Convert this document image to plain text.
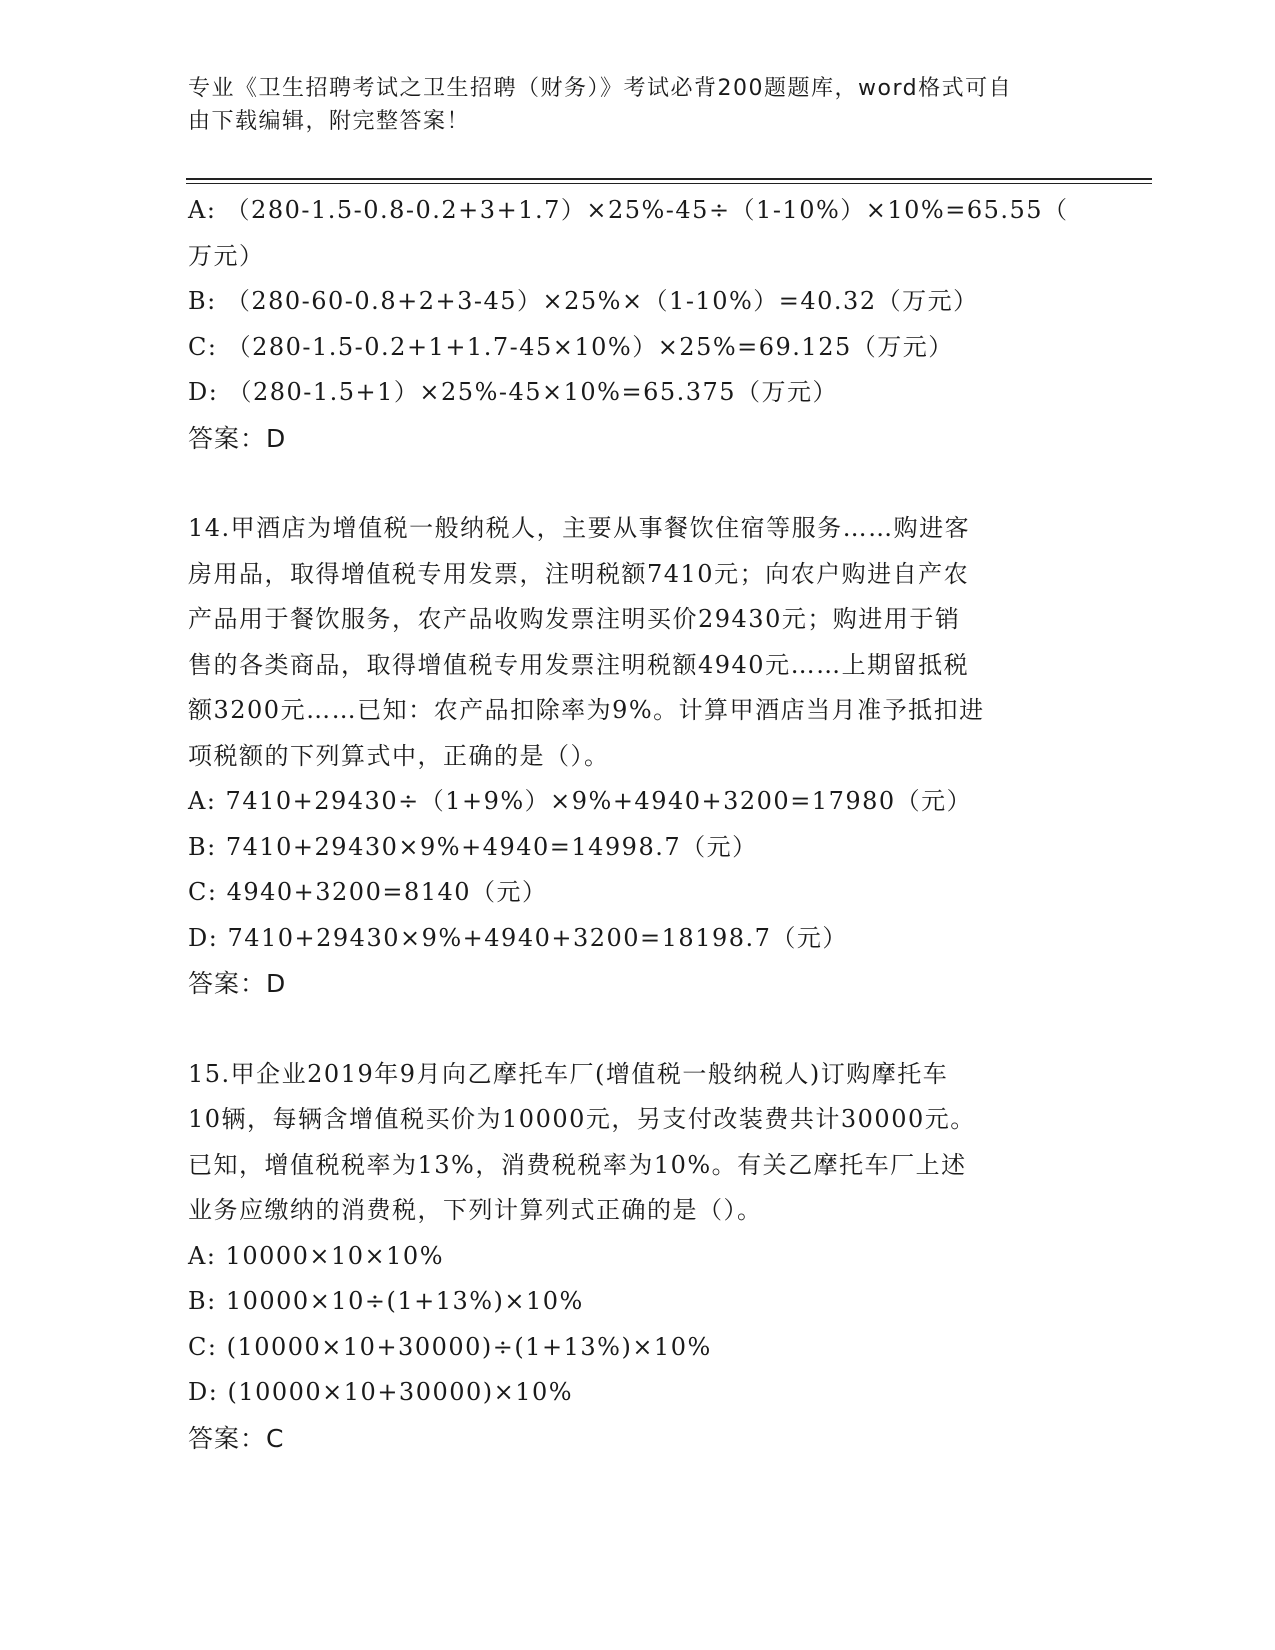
专业《卫生招聘考试之卫生招聘（财务）》考试必背200题题库，word格式可自
由下载编辑，附完整答案！
A: （280-1.5-0.8-0.2+3+1.7）×25%-45÷（1-10%）×10%=65.55（
万元）
B: （280-60-0.8+2+3-45）×25%×（1-10%）=40.32（万元）
C: （280-1.5-0.2+1+1.7-45×10%）×25%=69.125（万元）
D: （280-1.5+1）×25%-45×10%=65.375（万元）
答案：D
14.甲酒店为增值税一般纳税人，主要从事餐饮住宿等服务……购进客
房用品，取得增值税专用发票，注明税额7410元；向农户购进自产农
产品用于餐饮服务，农产品收购发票注明买价29430元；购进用于销
售的各类商品，取得增值税专用发票注明税额4940元……上期留抵税
额3200元……已知：农产品扣除率为9%。计算甲酒店当月准予抵扣进
项税额的下列算式中，正确的是（）。
A: 7410+29430÷（1+9%）×9%+4940+3200=17980（元）
B: 7410+29430×9%+4940=14998.7（元）
C: 4940+3200=8140（元）
D: 7410+29430×9%+4940+3200=18198.7（元）
答案：D
15.甲企业2019年9月向乙摩托车厂(增值税一般纳税人)订购摩托车
10辆，每辆含增值税买价为10000元，另支付改装费共计30000元。
已知，增值税税率为13%，消费税税率为10%。有关乙摩托车厂上述
业务应缴纳的消费税，下列计算列式正确的是（）。
A: 10000×10×10%
B: 10000×10÷(1+13%)×10%
C: (10000×10+30000)÷(1+13%)×10%
D: (10000×10+30000)×10%
答案：C
